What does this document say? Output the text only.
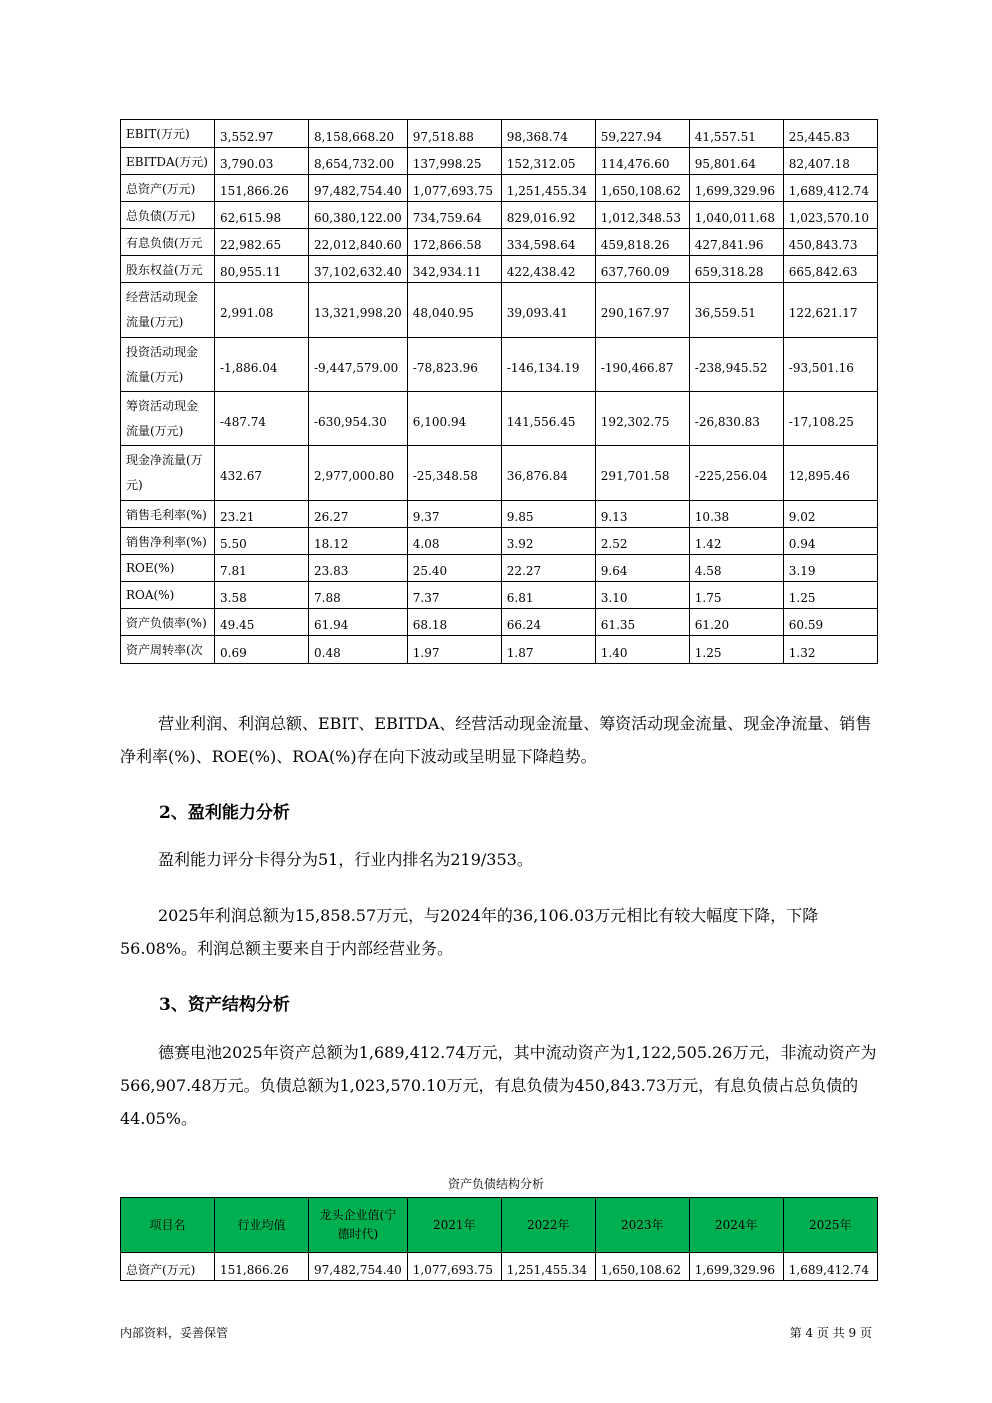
EBIT(万元)	3,552.97	8,158,668.20	97,518.88	98,368.74	59,227.94	41,557.51	25,445.83
EBITDA(万元)	3,790.03	8,654,732.00	137,998.25	152,312.05	114,476.60	95,801.64	82,407.18
总资产(万元)	151,866.26	97,482,754.40	1,077,693.75	1,251,455.34	1,650,108.62	1,699,329.96	1,689,412.74
总负债(万元)	62,615.98	60,380,122.00	734,759.64	829,016.92	1,012,348.53	1,040,011.68	1,023,570.10
有息负债(万元	22,982.65	22,012,840.60	172,866.58	334,598.64	459,818.26	427,841.96	450,843.73
股东权益(万元	80,955.11	37,102,632.40	342,934.11	422,438.42	637,760.09	659,318.28	665,842.63
经营活动现金流量(万元)	2,991.08	13,321,998.20	48,040.95	39,093.41	290,167.97	36,559.51	122,621.17
投资活动现金流量(万元)	-1,886.04	-9,447,579.00	-78,823.96	-146,134.19	-190,466.87	-238,945.52	-93,501.16
筹资活动现金流量(万元)	-487.74	-630,954.30	6,100.94	141,556.45	192,302.75	-26,830.83	-17,108.25
现金净流量(万元)	432.67	2,977,000.80	-25,348.58	36,876.84	291,701.58	-225,256.04	12,895.46
销售毛利率(%)	23.21	26.27	9.37	9.85	9.13	10.38	9.02
销售净利率(%)	5.50	18.12	4.08	3.92	2.52	1.42	0.94
ROE(%)	7.81	23.83	25.40	22.27	9.64	4.58	3.19
ROA(%)	3.58	7.88	7.37	6.81	3.10	1.75	1.25
资产负债率(%)	49.45	61.94	68.18	66.24	61.35	61.20	60.59
资产周转率(次	0.69	0.48	1.97	1.87	1.40	1.25	1.32

营业利润、利润总额、EBIT、EBITDA、经营活动现金流量、筹资活动现金流量、现金净流量、销售净利率(%)、ROE(%)、ROA(%)存在向下波动或呈明显下降趋势。

2、盈利能力分析

盈利能力评分卡得分为51，行业内排名为219/353。

2025年利润总额为15,858.57万元，与2024年的36,106.03万元相比有较大幅度下降，下降56.08%。利润总额主要来自于内部经营业务。

3、资产结构分析

德赛电池2025年资产总额为1,689,412.74万元，其中流动资产为1,122,505.26万元，非流动资产为566,907.48万元。负债总额为1,023,570.10万元，有息负债为450,843.73万元，有息负债占总负债的44.05%。

资产负债结构分析
项目名	行业均值	龙头企业值(宁德时代)	2021年	2022年	2023年	2024年	2025年
总资产(万元)	151,866.26	97,482,754.40	1,077,693.75	1,251,455.34	1,650,108.62	1,699,329.96	1,689,412.74
内部资料，妥善保管	第 4 页 共 9 页
